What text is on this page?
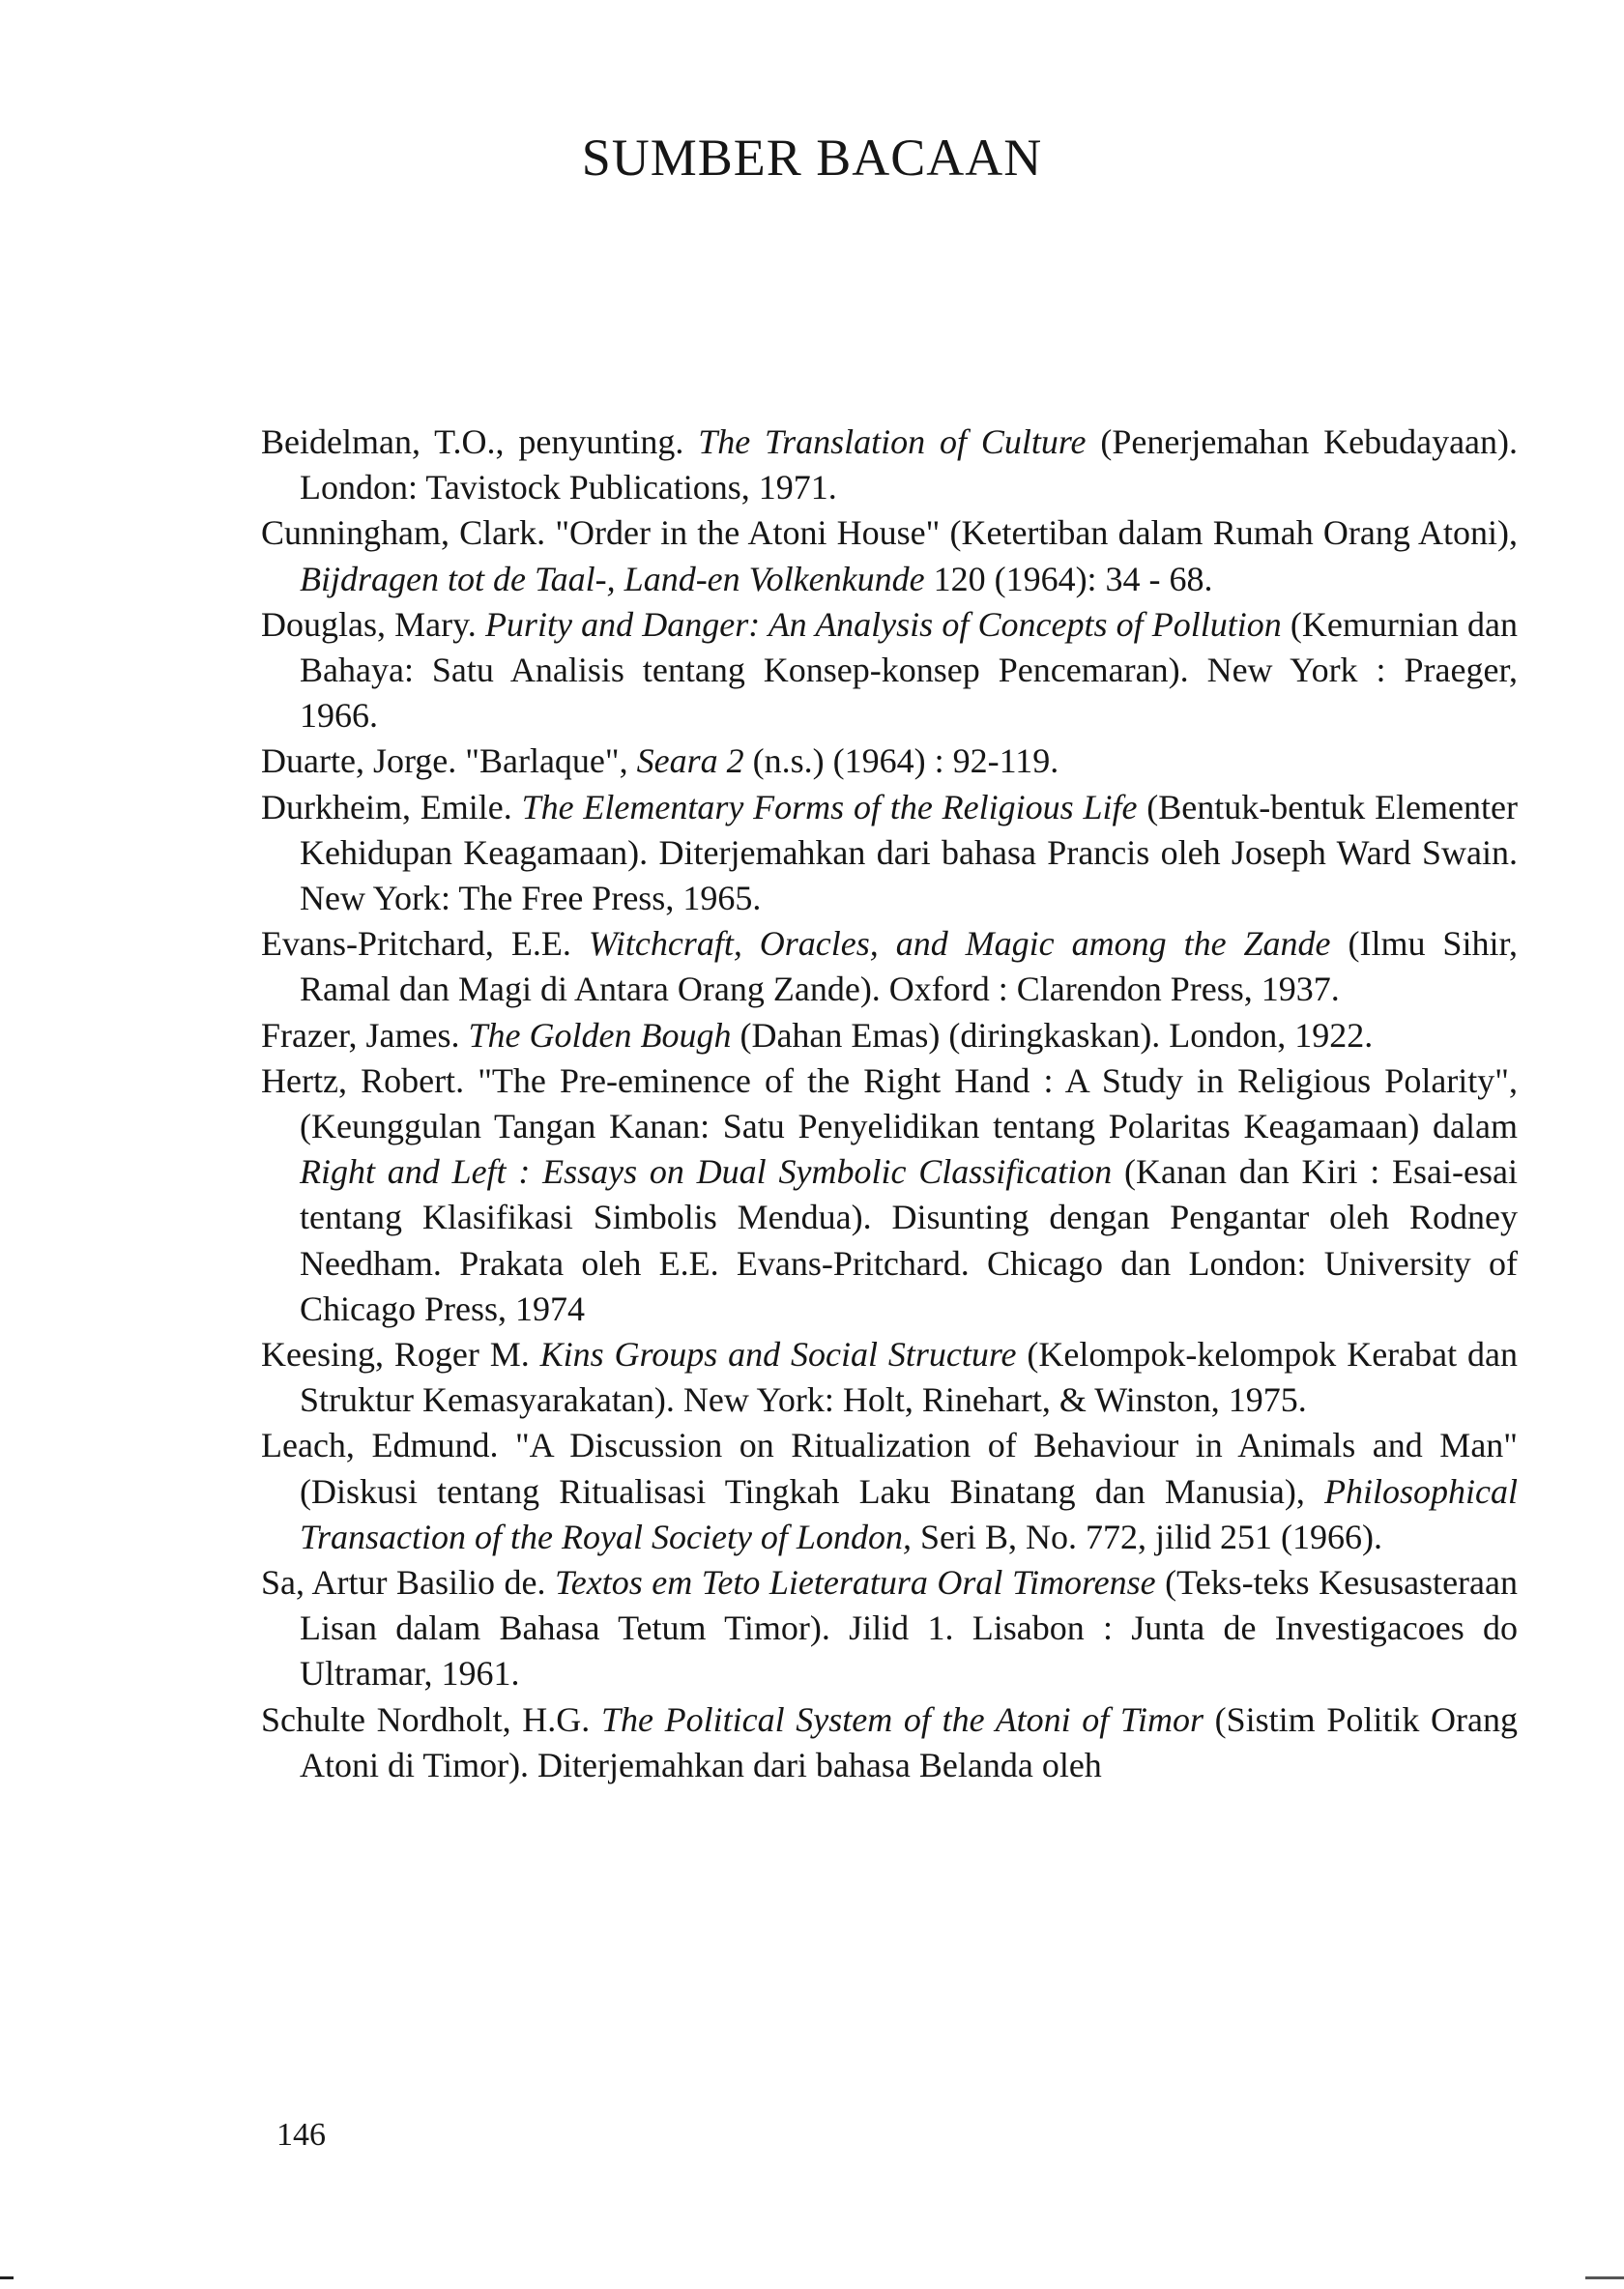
SUMBER BACAAN
Beidelman, T.O., penyunting. The Translation of Culture (Penerjemahan Kebudayaan). London: Tavistock Publications, 1971.
Cunningham, Clark. "Order in the Atoni House" (Ketertiban dalam Rumah Orang Atoni), Bijdragen tot de Taal-, Land-en Volkenkunde 120 (1964): 34 - 68.
Douglas, Mary. Purity and Danger: An Analysis of Concepts of Pollution (Kemurnian dan Bahaya: Satu Analisis tentang Konsep-konsep Pencemaran). New York : Praeger, 1966.
Duarte, Jorge. "Barlaque", Seara 2 (n.s.) (1964) : 92-119.
Durkheim, Emile. The Elementary Forms of the Religious Life (Bentuk-bentuk Elementer Kehidupan Keagamaan). Diterjemahkan dari bahasa Prancis oleh Joseph Ward Swain. New York: The Free Press, 1965.
Evans-Pritchard, E.E. Witchcraft, Oracles, and Magic among the Zande (Ilmu Sihir, Ramal dan Magi di Antara Orang Zande). Oxford : Clarendon Press, 1937.
Frazer, James. The Golden Bough (Dahan Emas) (diringkaskan). London, 1922.
Hertz, Robert. "The Pre-eminence of the Right Hand : A Study in Religious Polarity", (Keunggulan Tangan Kanan: Satu Penyelidikan tentang Polaritas Keagamaan) dalam Right and Left : Essays on Dual Symbolic Classification (Kanan dan Kiri : Esai-esai tentang Klasifikasi Simbolis Mendua). Disunting dengan Pengantar oleh Rodney Needham. Prakata oleh E.E. Evans-Pritchard. Chicago dan London: University of Chicago Press, 1974
Keesing, Roger M. Kins Groups and Social Structure (Kelompok-kelompok Kerabat dan Struktur Kemasyarakatan). New York: Holt, Rinehart, & Winston, 1975.
Leach, Edmund. "A Discussion on Ritualization of Behaviour in Animals and Man" (Diskusi tentang Ritualisasi Tingkah Laku Binatang dan Manusia), Philosophical Transaction of the Royal Society of London, Seri B, No. 772, jilid 251 (1966).
Sa, Artur Basilio de. Textos em Teto Lieteratura Oral Timorense (Teks-teks Kesusasteraan Lisan dalam Bahasa Tetum Timor). Jilid 1. Lisabon : Junta de Investigacoes do Ultramar, 1961.
Schulte Nordholt, H.G. The Political System of the Atoni of Timor (Sistim Politik Orang Atoni di Timor). Diterjemahkan dari bahasa Belanda oleh

146
